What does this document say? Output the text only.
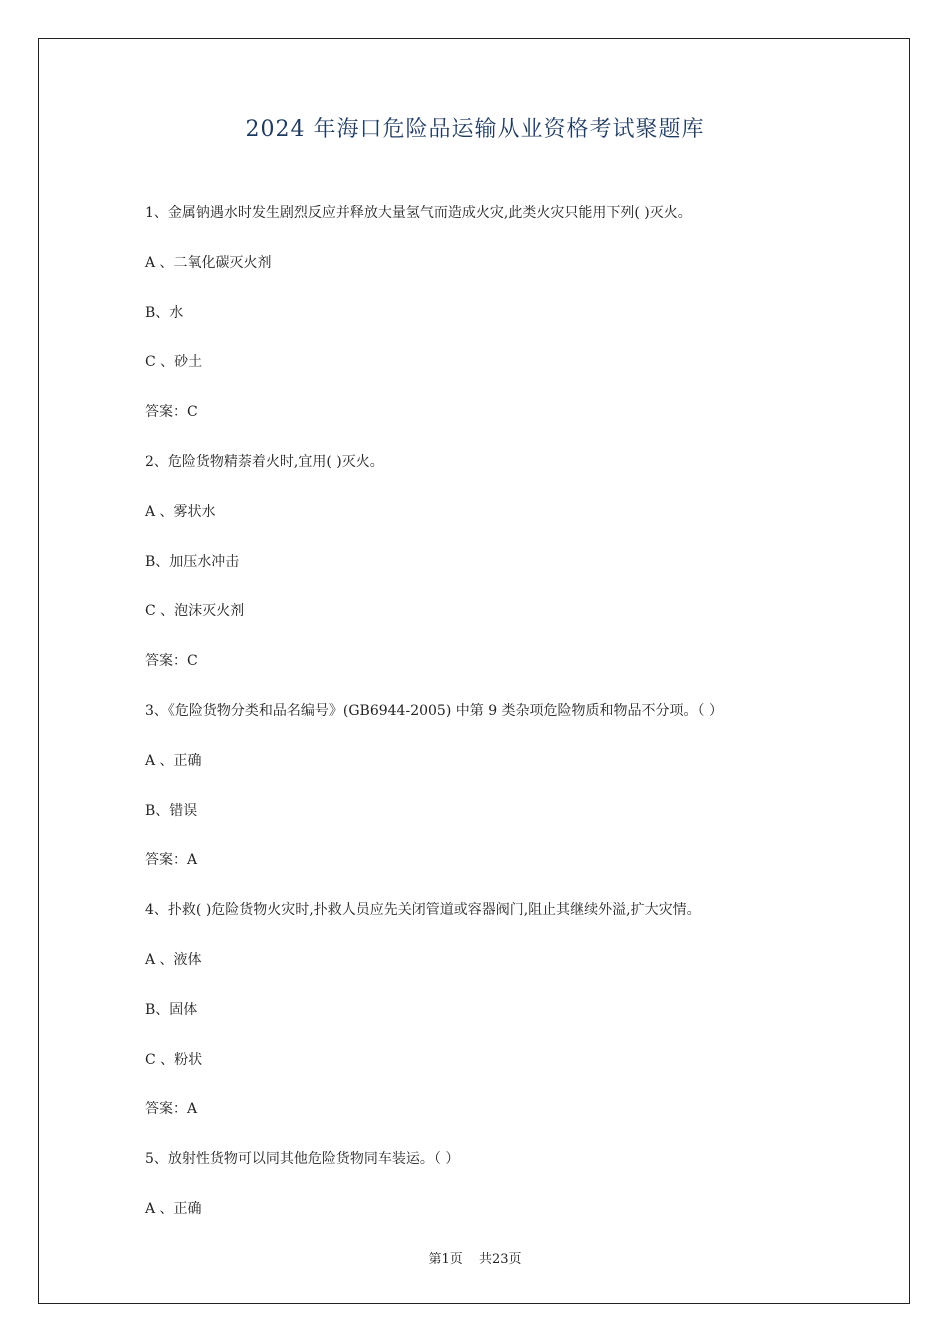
2024 年海口危险品运输从业资格考试聚题库
1、金属钠遇水时发生剧烈反应并释放大量氢气而造成火灾,此类火灾只能用下列( )灭火。
A 、二氧化碳灭火剂
B、水
C 、砂土
答案：C
2、危险货物精萘着火时,宜用( )灭火。
A 、雾状水
B、加压水冲击
C 、泡沫灭火剂
答案：C
3、《危险货物分类和品名编号》(GB6944-2005) 中第 9 类杂项危险物质和物品不分项。（ ）
A 、正确
B、错误
答案：A
4、扑救( )危险货物火灾时,扑救人员应先关闭管道或容器阀门,阻止其继续外溢,扩大灾情。
A 、液体
B、固体
C 、粉状
答案：A
5、放射性货物可以同其他危险货物同车装运。（ ）
A 、正确
第1页 共23页
